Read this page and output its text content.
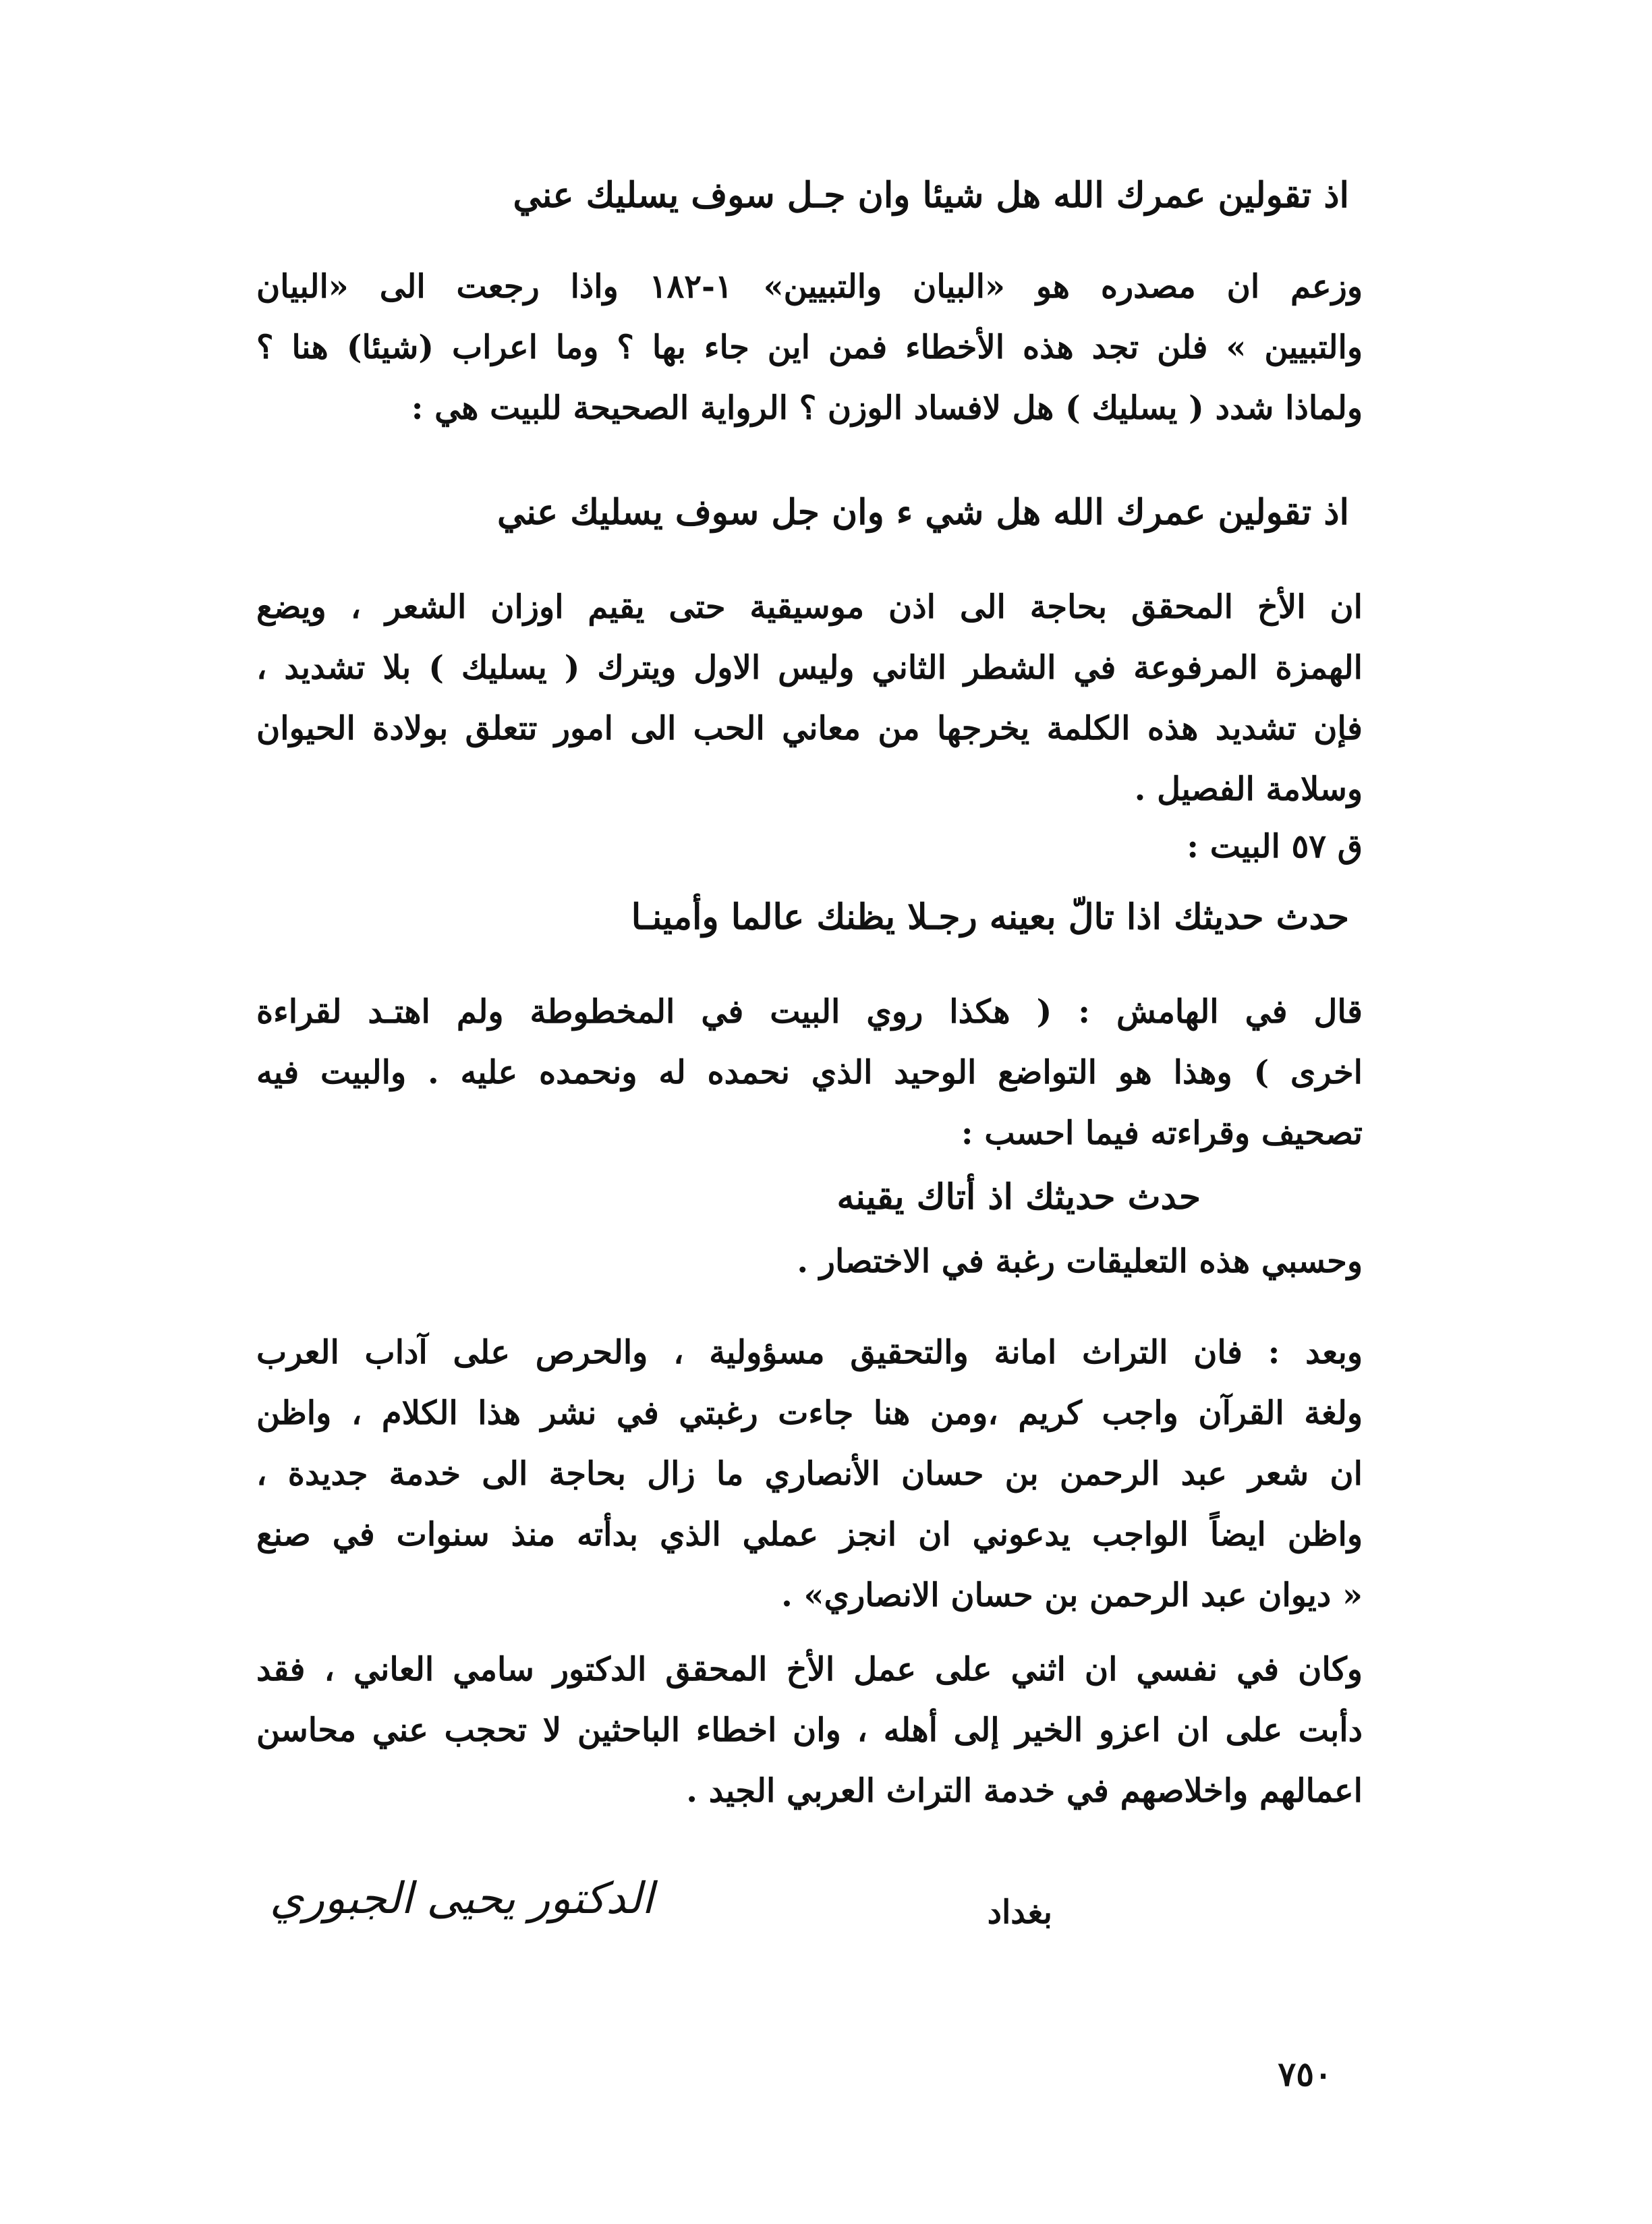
اذ تقولين عمرك الله هل شيئا وان جـل سوف يسليك عني
وزعم ان مصدره هو «البيان والتبيين» ١-١٨٢ واذا رجعت الى «البيان
والتبيين » فلن تجد هذه الأخطاء فمن اين جاء بها ؟ وما اعراب (شيئا) هنا ؟
ولماذا شدد ( يسليك ) هل لافساد الوزن ؟ الرواية الصحيحة للبيت هي :
اذ تقولين عمرك الله هل شي ء وان جل سوف يسليك عني
ان الأخ المحقق بحاجة الى اذن موسيقية حتى يقيم اوزان الشعر ، ويضع
الهمزة المرفوعة في الشطر الثاني وليس الاول ويترك ( يسليك ) بلا تشديد ،
فإن تشديد هذه الكلمة يخرجها من معاني الحب الى امور تتعلق بولادة الحيوان
وسلامة الفصيل .
ق ٥٧ البيت :
حدث حديثك اذا تالّ بعينه رجـلا يظنك عالما وأمينـا
قال في الهامش : ( هكذا روي البيت في المخطوطة ولم اهتـد لقراءة
اخرى ) وهذا هو التواضع الوحيد الذي نحمده له ونحمده عليه . والبيت فيه
تصحيف وقراءته فيما احسب :
حدث حديثك اذ أتاك يقينه
وحسبي هذه التعليقات رغبة في الاختصار .
وبعد : فان التراث امانة والتحقيق مسؤولية ، والحرص على آداب العرب
ولغة القرآن واجب كريم ،ومن هنا جاءت رغبتي في نشر هذا الكلام ، واظن
ان شعر عبد الرحمن بن حسان الأنصاري ما زال بحاجة الى خدمة جديدة ،
واظن ايضاً الواجب يدعوني ان انجز عملي الذي بدأته منذ سنوات في صنع
« ديوان عبد الرحمن بن حسان الانصاري» .
وكان في نفسي ان اثني على عمل الأخ المحقق الدكتور سامي العاني ، فقد
دأبت على ان اعزو الخير إلى أهله ، وان اخطاء الباحثين لا تحجب عني محاسن
اعمالهم واخلاصهم في خدمة التراث العربي الجيد .
الدكتور يحيى الجبوري	بغداد
٧٥٠
